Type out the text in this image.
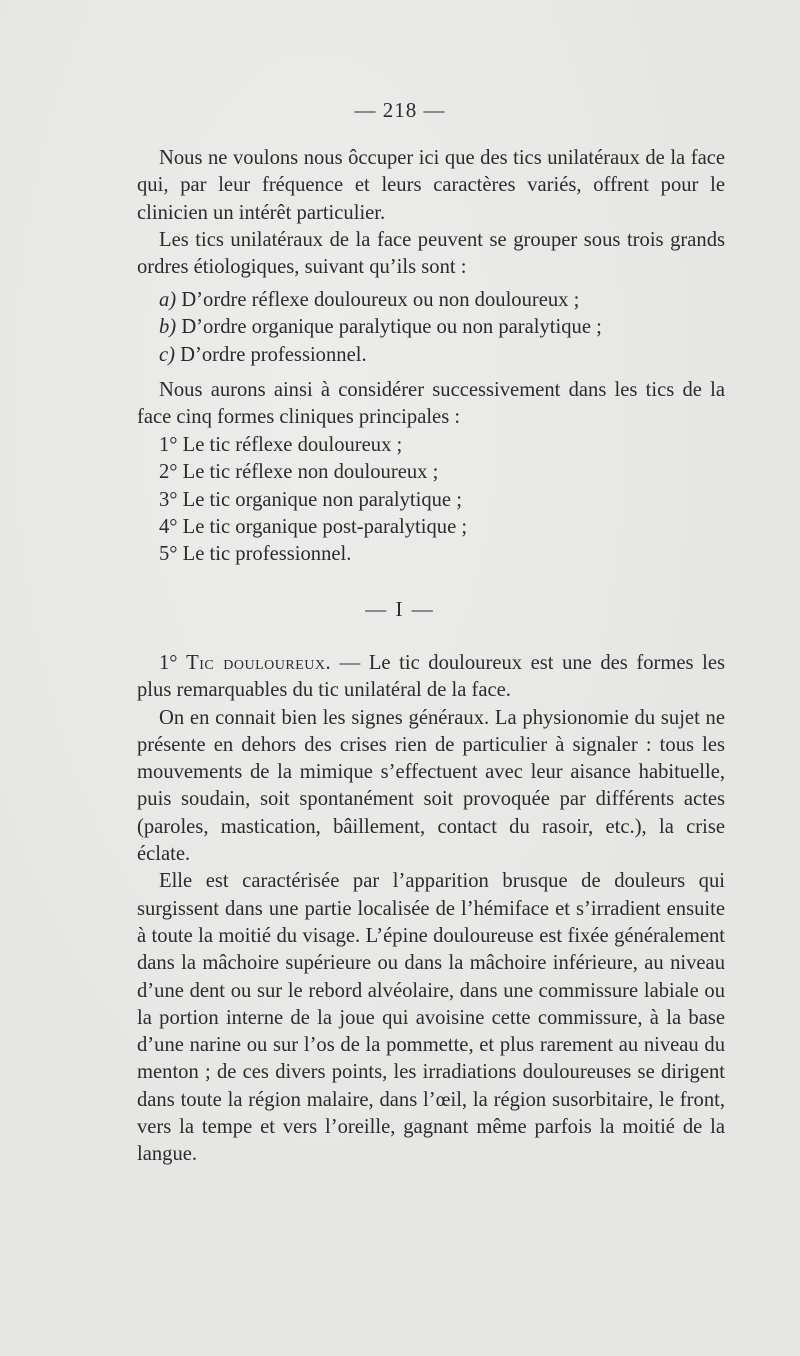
— 218 —

Nous ne voulons nous ôccuper ici que des tics unilatéraux de la face qui, par leur fréquence et leurs caractères variés, offrent pour le clinicien un intérêt particulier.

Les tics unilatéraux de la face peuvent se grouper sous trois grands ordres étiologiques, suivant qu’ils sont :

a) D’ordre réflexe douloureux ou non douloureux ;

b) D’ordre organique paralytique ou non paralytique ;

c) D’ordre professionnel.

Nous aurons ainsi à considérer successivement dans les tics de la face cinq formes cliniques principales :

1° Le tic réflexe douloureux ;

2° Le tic réflexe non douloureux ;

3° Le tic organique non paralytique ;

4° Le tic organique post-paralytique ;

5° Le tic professionnel.

— I —

1° Tic douloureux. — Le tic douloureux est une des formes les plus remarquables du tic unilatéral de la face.

On en connait bien les signes généraux. La physionomie du sujet ne présente en dehors des crises rien de particulier à signaler : tous les mouvements de la mimique s’effectuent avec leur aisance habituelle, puis soudain, soit spontanément soit provoquée par différents actes (paroles, mastication, bâillement, contact du rasoir, etc.), la crise éclate.

Elle est caractérisée par l’apparition brusque de douleurs qui surgissent dans une partie localisée de l’hémiface et s’irradient ensuite à toute la moitié du visage. L’épine douloureuse est fixée généralement dans la mâchoire supérieure ou dans la mâchoire inférieure, au niveau d’une dent ou sur le rebord alvéolaire, dans une commissure labiale ou la portion interne de la joue qui avoisine cette commissure, à la base d’une narine ou sur l’os de la pommette, et plus rarement au niveau du menton ; de ces divers points, les irradiations douloureuses se dirigent dans toute la région malaire, dans l’œil, la région susorbitaire, le front, vers la tempe et vers l’oreille, gagnant même parfois la moitié de la langue.
